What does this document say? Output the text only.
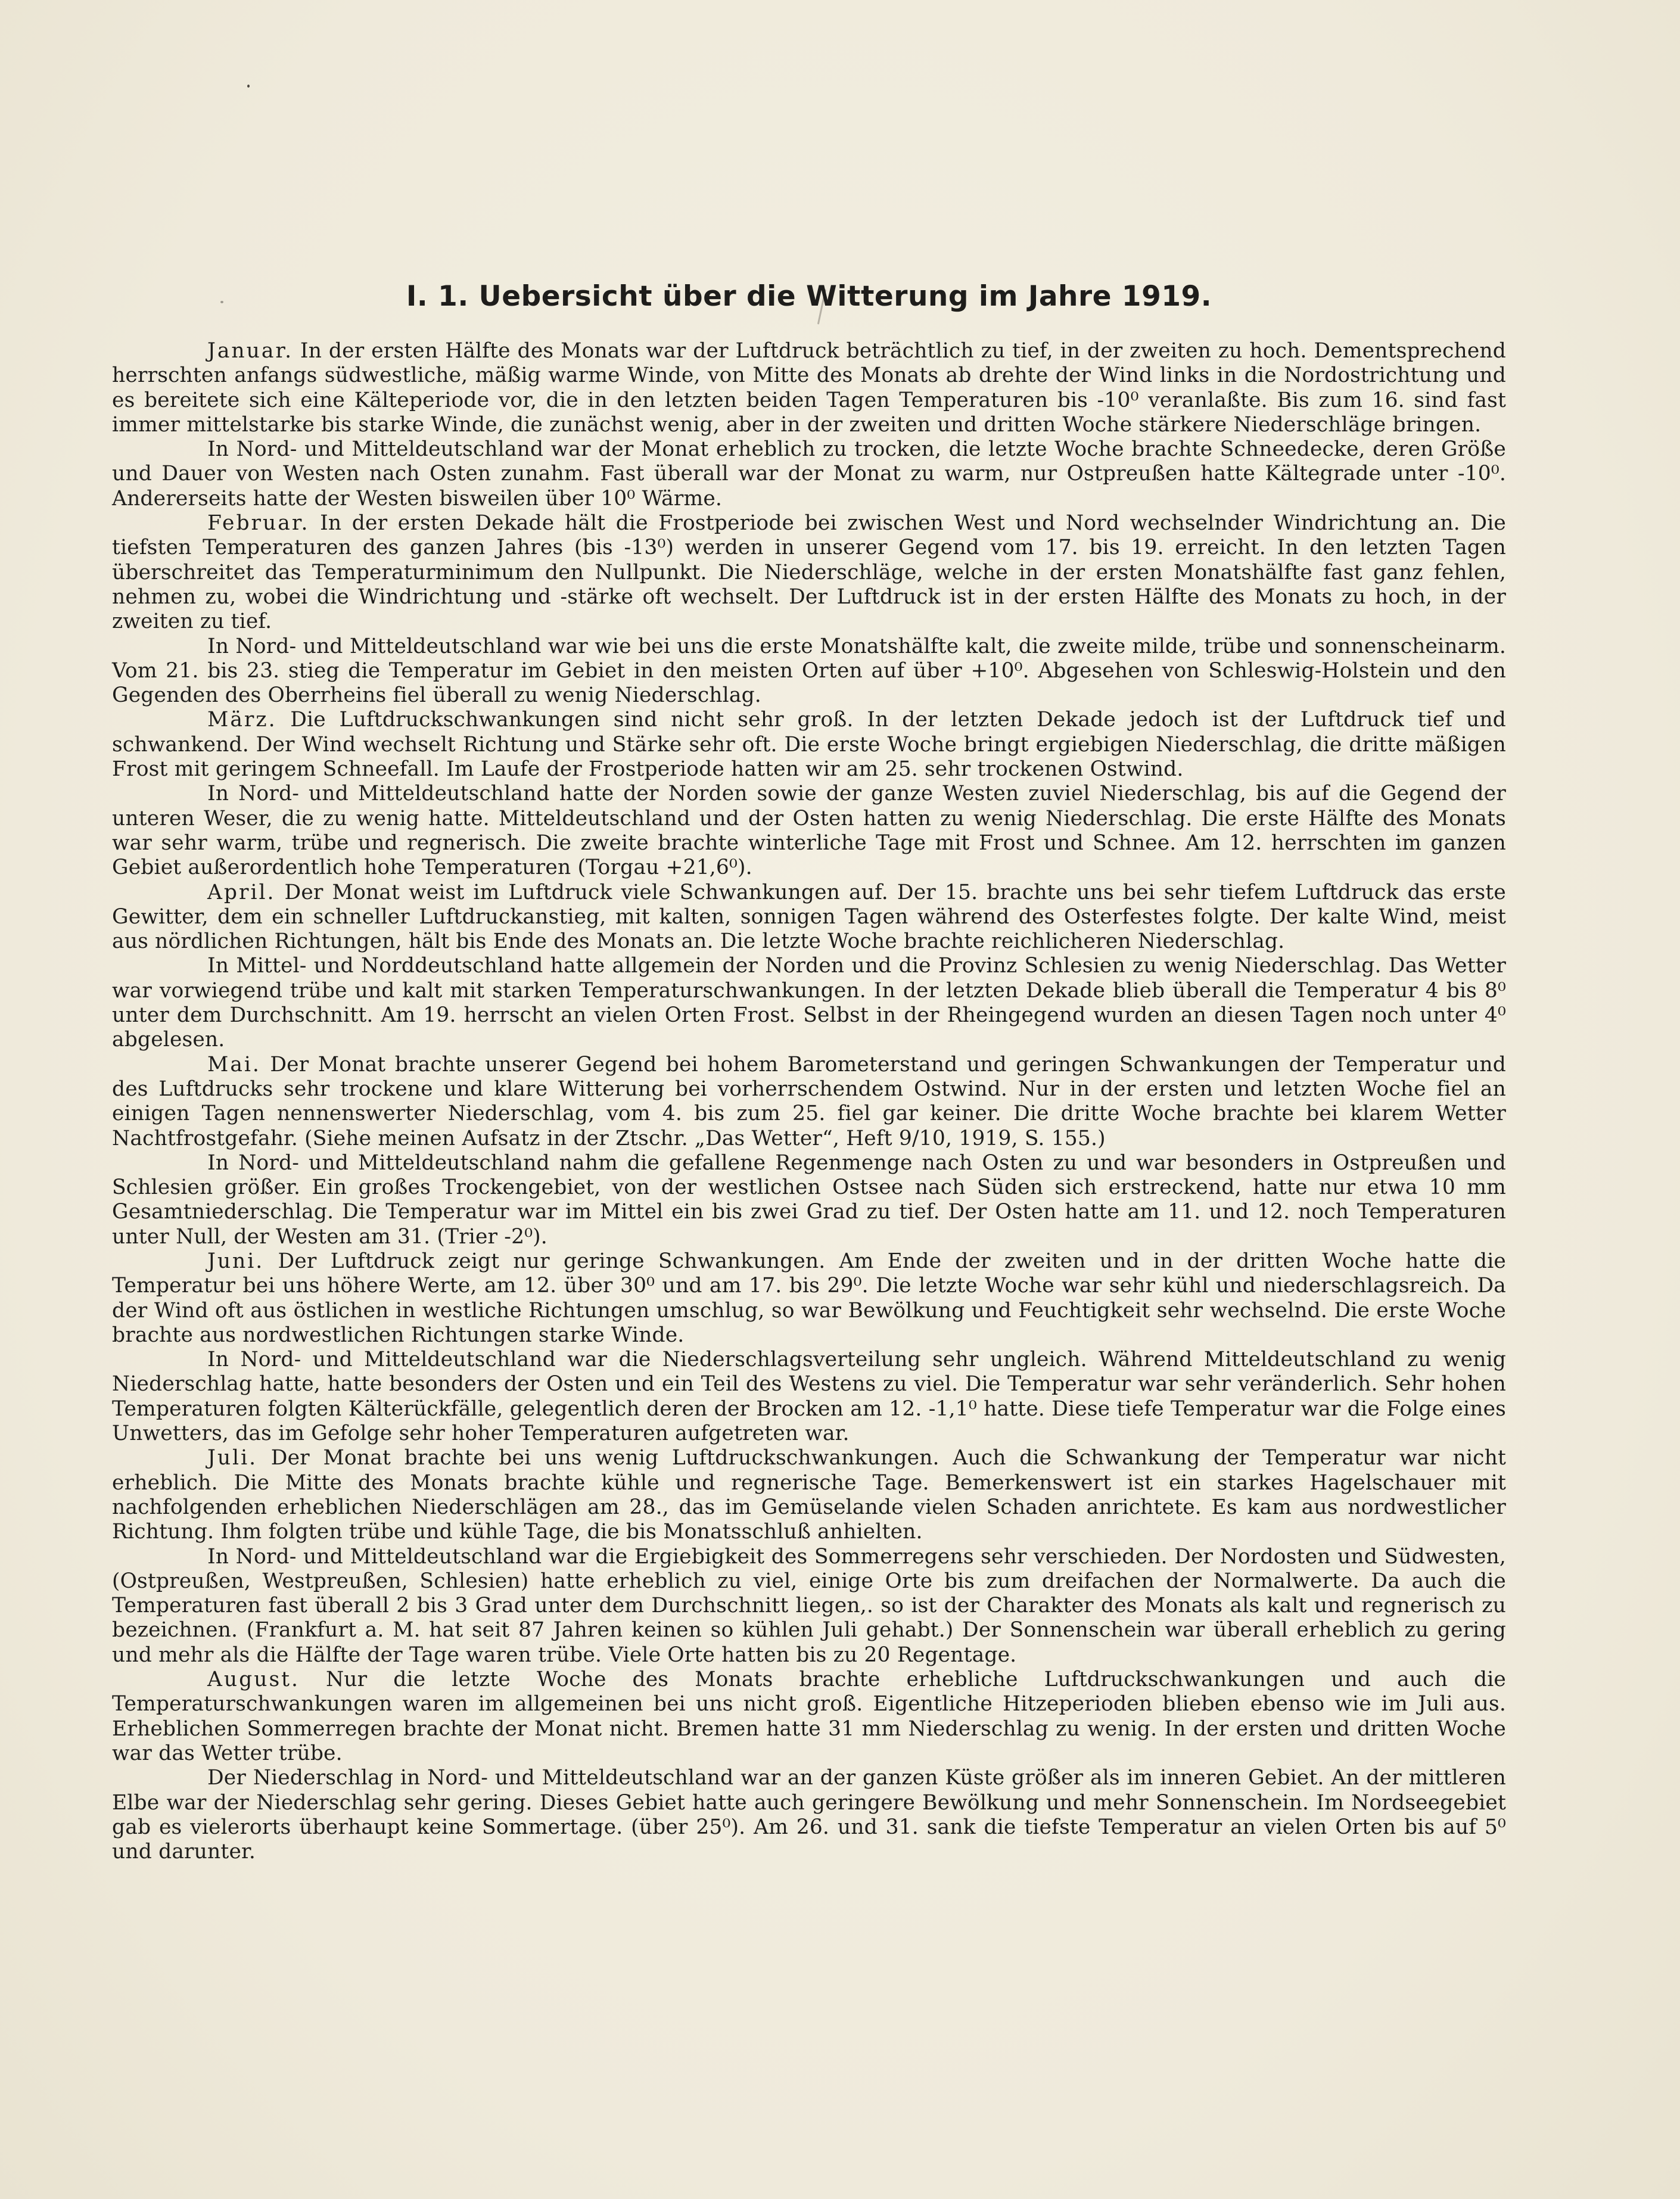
I. 1. Uebersicht über die Witterung im Jahre 1919.

Januar. In der ersten Hälfte des Monats war der Luftdruck beträchtlich zu tief, in der zweiten zu hoch. Dementsprechend herrschten anfangs südwestliche, mäßig warme Winde, von Mitte des Monats ab drehte der Wind links in die Nordostrichtung und es bereitete sich eine Kälteperiode vor, die in den letzten beiden Tagen Temperaturen bis -10⁰ veranlaßte. Bis zum 16. sind fast immer mittelstarke bis starke Winde, die zunächst wenig, aber in der zweiten und dritten Woche stärkere Niederschläge bringen.

In Nord- und Mitteldeutschland war der Monat erheblich zu trocken, die letzte Woche brachte Schneedecke, deren Größe und Dauer von Westen nach Osten zunahm. Fast überall war der Monat zu warm, nur Ostpreußen hatte Kältegrade unter -10⁰. Andererseits hatte der Westen bisweilen über 10⁰ Wärme.

Februar. In der ersten Dekade hält die Frostperiode bei zwischen West und Nord wechselnder Windrichtung an. Die tiefsten Temperaturen des ganzen Jahres (bis -13⁰) werden in unserer Gegend vom 17. bis 19. erreicht. In den letzten Tagen überschreitet das Temperaturminimum den Nullpunkt. Die Niederschläge, welche in der ersten Monatshälfte fast ganz fehlen, nehmen zu, wobei die Windrichtung und -stärke oft wechselt. Der Luftdruck ist in der ersten Hälfte des Monats zu hoch, in der zweiten zu tief.

In Nord- und Mitteldeutschland war wie bei uns die erste Monatshälfte kalt, die zweite milde, trübe und sonnenscheinarm. Vom 21. bis 23. stieg die Temperatur im Gebiet in den meisten Orten auf über +10⁰. Abgesehen von Schleswig-Holstein und den Gegenden des Oberrheins fiel überall zu wenig Niederschlag.

März. Die Luftdruckschwankungen sind nicht sehr groß. In der letzten Dekade jedoch ist der Luftdruck tief und schwankend. Der Wind wechselt Richtung und Stärke sehr oft. Die erste Woche bringt ergiebigen Niederschlag, die dritte mäßigen Frost mit geringem Schneefall. Im Laufe der Frostperiode hatten wir am 25. sehr trockenen Ostwind.

In Nord- und Mitteldeutschland hatte der Norden sowie der ganze Westen zuviel Niederschlag, bis auf die Gegend der unteren Weser, die zu wenig hatte. Mitteldeutschland und der Osten hatten zu wenig Niederschlag. Die erste Hälfte des Monats war sehr warm, trübe und regnerisch. Die zweite brachte winterliche Tage mit Frost und Schnee. Am 12. herrschten im ganzen Gebiet außerordentlich hohe Temperaturen (Torgau +21,6⁰).

April. Der Monat weist im Luftdruck viele Schwankungen auf. Der 15. brachte uns bei sehr tiefem Luftdruck das erste Gewitter, dem ein schneller Luftdruckanstieg, mit kalten, sonnigen Tagen während des Osterfestes folgte. Der kalte Wind, meist aus nördlichen Richtungen, hält bis Ende des Monats an. Die letzte Woche brachte reichlicheren Niederschlag.

In Mittel- und Norddeutschland hatte allgemein der Norden und die Provinz Schlesien zu wenig Niederschlag. Das Wetter war vorwiegend trübe und kalt mit starken Temperaturschwankungen. In der letzten Dekade blieb überall die Temperatur 4 bis 8⁰ unter dem Durchschnitt. Am 19. herrscht an vielen Orten Frost. Selbst in der Rheingegend wurden an diesen Tagen noch unter 4⁰ abgelesen.

Mai. Der Monat brachte unserer Gegend bei hohem Barometerstand und geringen Schwankungen der Temperatur und des Luftdrucks sehr trockene und klare Witterung bei vorherrschendem Ostwind. Nur in der ersten und letzten Woche fiel an einigen Tagen nennenswerter Niederschlag, vom 4. bis zum 25. fiel gar keiner. Die dritte Woche brachte bei klarem Wetter Nachtfrostgefahr. (Siehe meinen Aufsatz in der Ztschr. „Das Wetter“, Heft 9/10, 1919, S. 155.)

In Nord- und Mitteldeutschland nahm die gefallene Regenmenge nach Osten zu und war besonders in Ostpreußen und Schlesien größer. Ein großes Trockengebiet, von der westlichen Ostsee nach Süden sich erstreckend, hatte nur etwa 10 mm Gesamtniederschlag. Die Temperatur war im Mittel ein bis zwei Grad zu tief. Der Osten hatte am 11. und 12. noch Temperaturen unter Null, der Westen am 31. (Trier -2⁰).

Juni. Der Luftdruck zeigt nur geringe Schwankungen. Am Ende der zweiten und in der dritten Woche hatte die Temperatur bei uns höhere Werte, am 12. über 30⁰ und am 17. bis 29⁰. Die letzte Woche war sehr kühl und niederschlagsreich. Da der Wind oft aus östlichen in westliche Richtungen umschlug, so war Bewölkung und Feuchtigkeit sehr wechselnd. Die erste Woche brachte aus nordwestlichen Richtungen starke Winde.

In Nord- und Mitteldeutschland war die Niederschlagsverteilung sehr ungleich. Während Mitteldeutschland zu wenig Niederschlag hatte, hatte besonders der Osten und ein Teil des Westens zu viel. Die Temperatur war sehr veränderlich. Sehr hohen Temperaturen folgten Kälterückfälle, gelegentlich deren der Brocken am 12. -1,1⁰ hatte. Diese tiefe Temperatur war die Folge eines Unwetters, das im Gefolge sehr hoher Temperaturen aufgetreten war.

Juli. Der Monat brachte bei uns wenig Luftdruckschwankungen. Auch die Schwankung der Temperatur war nicht erheblich. Die Mitte des Monats brachte kühle und regnerische Tage. Bemerkenswert ist ein starkes Hagelschauer mit nachfolgenden erheblichen Niederschlägen am 28., das im Gemüselande vielen Schaden anrichtete. Es kam aus nordwestlicher Richtung. Ihm folgten trübe und kühle Tage, die bis Monatsschluß anhielten.

In Nord- und Mitteldeutschland war die Ergiebigkeit des Sommerregens sehr verschieden. Der Nordosten und Südwesten, (Ostpreußen, Westpreußen, Schlesien) hatte erheblich zu viel, einige Orte bis zum dreifachen der Normalwerte. Da auch die Temperaturen fast überall 2 bis 3 Grad unter dem Durchschnitt liegen,. so ist der Charakter des Monats als kalt und regnerisch zu bezeichnen. (Frankfurt a. M. hat seit 87 Jahren keinen so kühlen Juli gehabt.) Der Sonnenschein war überall erheblich zu gering und mehr als die Hälfte der Tage waren trübe. Viele Orte hatten bis zu 20 Regentage.

August. Nur die letzte Woche des Monats brachte erhebliche Luftdruckschwankungen und auch die Temperaturschwankungen waren im allgemeinen bei uns nicht groß. Eigentliche Hitzeperioden blieben ebenso wie im Juli aus. Erheblichen Sommerregen brachte der Monat nicht. Bremen hatte 31 mm Niederschlag zu wenig. In der ersten und dritten Woche war das Wetter trübe.

Der Niederschlag in Nord- und Mitteldeutschland war an der ganzen Küste größer als im inneren Gebiet. An der mittleren Elbe war der Niederschlag sehr gering. Dieses Gebiet hatte auch geringere Bewölkung und mehr Sonnenschein. Im Nordseegebiet gab es vielerorts überhaupt keine Sommertage. (über 25⁰). Am 26. und 31. sank die tiefste Temperatur an vielen Orten bis auf 5⁰ und darunter.
